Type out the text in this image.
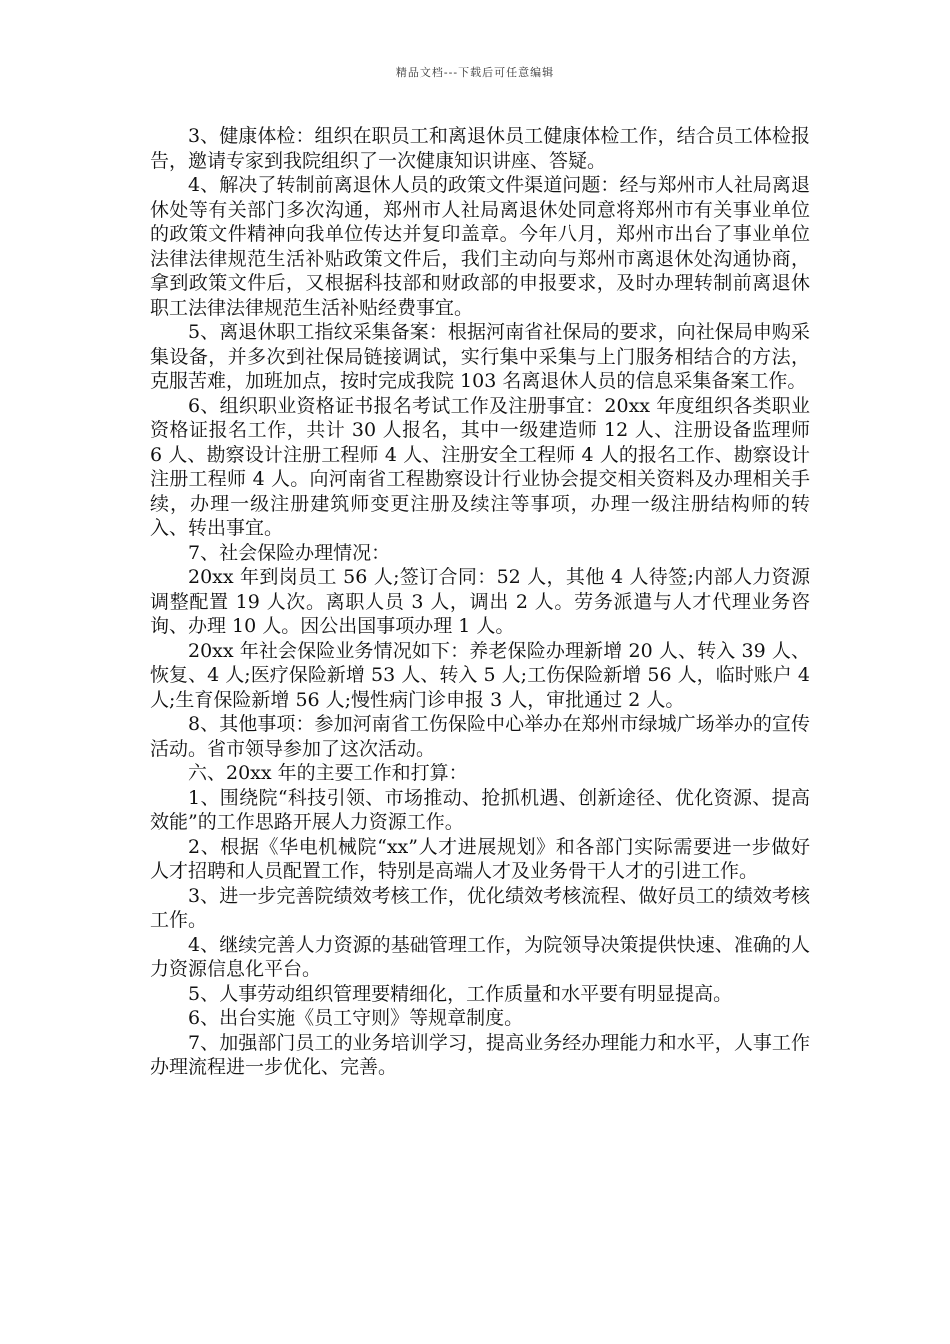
精品文档---下载后可任意编辑

3、健康体检：组织在职员工和离退休员工健康体检工作，结合员工体检报告，邀请专家到我院组织了一次健康知识讲座、答疑。

4、解决了转制前离退休人员的政策文件渠道问题：经与郑州市人社局离退休处等有关部门多次沟通，郑州市人社局离退休处同意将郑州市有关事业单位的政策文件精神向我单位传达并复印盖章。今年八月，郑州市出台了事业单位法律法律规范生活补贴政策文件后，我们主动向与郑州市离退休处沟通协商，拿到政策文件后，又根据科技部和财政部的申报要求，及时办理转制前离退休职工法律法律规范生活补贴经费事宜。

5、离退休职工指纹采集备案：根据河南省社保局的要求，向社保局申购采集设备，并多次到社保局链接调试，实行集中采集与上门服务相结合的方法，克服苦难，加班加点，按时完成我院 103 名离退休人员的信息采集备案工作。

6、组织职业资格证书报名考试工作及注册事宜：20xx 年度组织各类职业资格证报名工作，共计 30 人报名，其中一级建造师 12 人、注册设备监理师 6 人、勘察设计注册工程师 4 人、注册安全工程师 4 人的报名工作、勘察设计注册工程师 4 人。向河南省工程勘察设计行业协会提交相关资料及办理相关手续，办理一级注册建筑师变更注册及续注等事项，办理一级注册结构师的转入、转出事宜。

7、社会保险办理情况：

20xx 年到岗员工 56 人;签订合同：52 人，其他 4 人待签;内部人力资源调整配置 19 人次。离职人员 3 人，调出 2 人。劳务派遣与人才代理业务咨询、办理 10 人。因公出国事项办理 1 人。

20xx 年社会保险业务情况如下：养老保险办理新增 20 人、转入 39 人、恢复、4 人;医疗保险新增 53 人、转入 5 人;工伤保险新增 56 人，临时账户 4 人;生育保险新增 56 人;慢性病门诊申报 3 人，审批通过 2 人。

8、其他事项：参加河南省工伤保险中心举办在郑州市绿城广场举办的宣传活动。省市领导参加了这次活动。

六、20xx 年的主要工作和打算：

1、围绕院“科技引领、市场推动、抢抓机遇、创新途径、优化资源、提高效能”的工作思路开展人力资源工作。

2、根据《华电机械院“xx”人才进展规划》和各部门实际需要进一步做好人才招聘和人员配置工作，特别是高端人才及业务骨干人才的引进工作。

3、进一步完善院绩效考核工作，优化绩效考核流程、做好员工的绩效考核工作。

4、继续完善人力资源的基础管理工作，为院领导决策提供快速、准确的人力资源信息化平台。

5、人事劳动组织管理要精细化，工作质量和水平要有明显提高。

6、出台实施《员工守则》等规章制度。

7、加强部门员工的业务培训学习，提高业务经办理能力和水平，人事工作办理流程进一步优化、完善。
